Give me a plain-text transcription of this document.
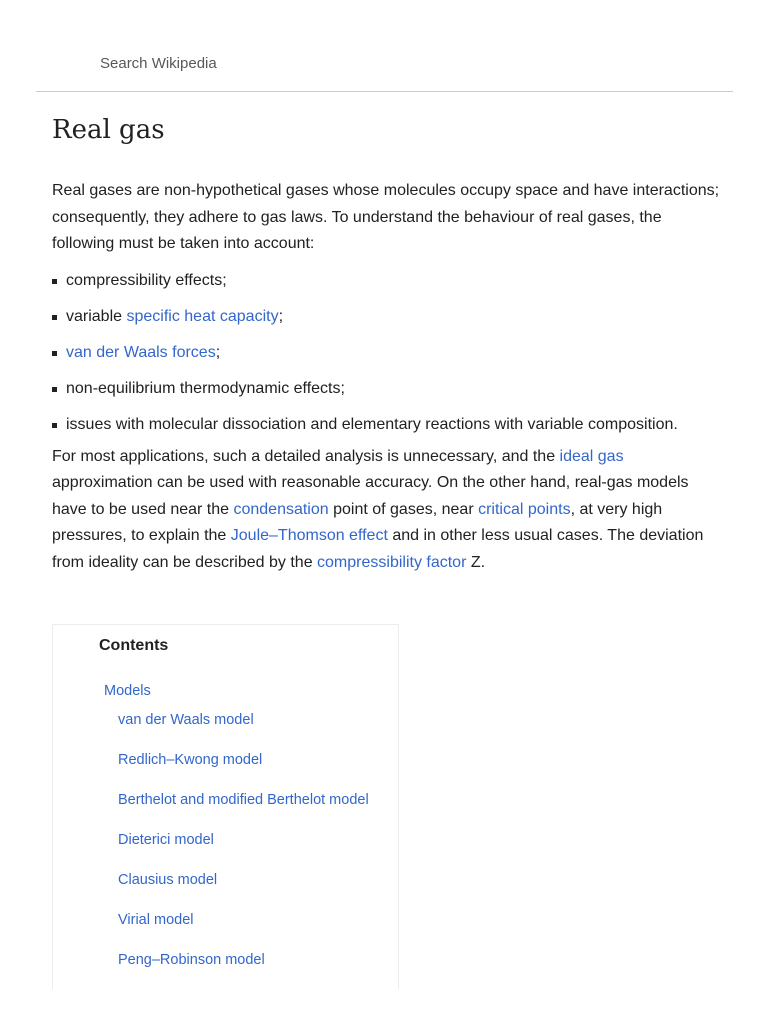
Search Wikipedia
Real gas

Real gases are non-hypothetical gases whose molecules occupy space and have interactions; consequently, they adhere to gas laws. To understand the behaviour of real gases, the following must be taken into account:

compressibility effects;
variable specific heat capacity;
van der Waals forces;
non-equilibrium thermodynamic effects;
issues with molecular dissociation and elementary reactions with variable composition.

For most applications, such a detailed analysis is unnecessary, and the ideal gas approximation can be used with reasonable accuracy. On the other hand, real-gas models have to be used near the condensation point of gases, near critical points, at very high pressures, to explain the Joule–Thomson effect and in other less usual cases. The deviation from ideality can be described by the compressibility factor Z.

Contents
Models
van der Waals model
Redlich–Kwong model
Berthelot and modified Berthelot model
Dieterici model
Clausius model
Virial model
Peng–Robinson model
